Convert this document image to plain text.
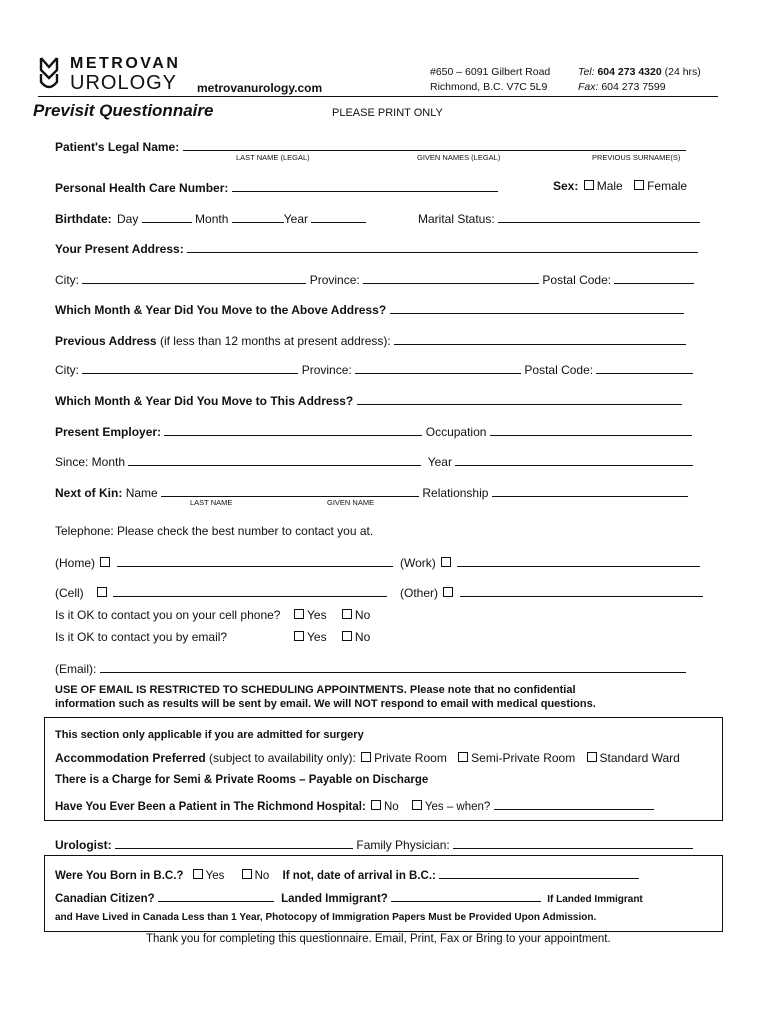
METROVAN
UROLOGY metrovanurology.com
#650 – 6091 Gilbert Road
Richmond, B.C. V7C 5L9
Tel: 604 273 4320 (24 hrs)
Fax: 604 273 7599
Previsit Questionnaire	PLEASE PRINT ONLY
Patient's Legal Name:
LAST NAME (LEGAL)	GIVEN NAMES (LEGAL)	PREVIOUS SURNAME(S)
Personal Health Care Number:	Sex: Male Female
Birthdate: Day	Month	Year	Marital Status:
Your Present Address:
City:	Province:	Postal Code:
Which Month & Year Did You Move to the Above Address?
Previous Address (if less than 12 months at present address):
City:	Province:	Postal Code:
Which Month & Year Did You Move to This Address?
Present Employer:	Occupation
Since: Month	Year
Next of Kin: Name	Relationship
LAST NAME	GIVEN NAME
Telephone: Please check the best number to contact you at.
(Home)	(Work)
(Cell)	(Other)
Is it OK to contact you on your cell phone?	Yes No
Is it OK to contact you by email?	Yes No
(Email):
USE OF EMAIL IS RESTRICTED TO SCHEDULING APPOINTMENTS. Please note that no confidential
information such as results will be sent by email. We will NOT respond to email with medical questions.
This section only applicable if you are admitted for surgery
Accommodation Preferred (subject to availability only): Private Room Semi-Private Room Standard Ward
There is a Charge for Semi & Private Rooms – Payable on Discharge
Have You Ever Been a Patient in The Richmond Hospital: No Yes – when?
Urologist:	Family Physician:
Were You Born in B.C.? Yes	No If not, date of arrival in B.C.:
Canadian Citizen?	Landed Immigrant?	If Landed Immigrant
and Have Lived in Canada Less than 1 Year, Photocopy of Immigration Papers Must be Provided Upon Admission.
Thank you for completing this questionnaire. Email, Print, Fax or Bring to your appointment.
